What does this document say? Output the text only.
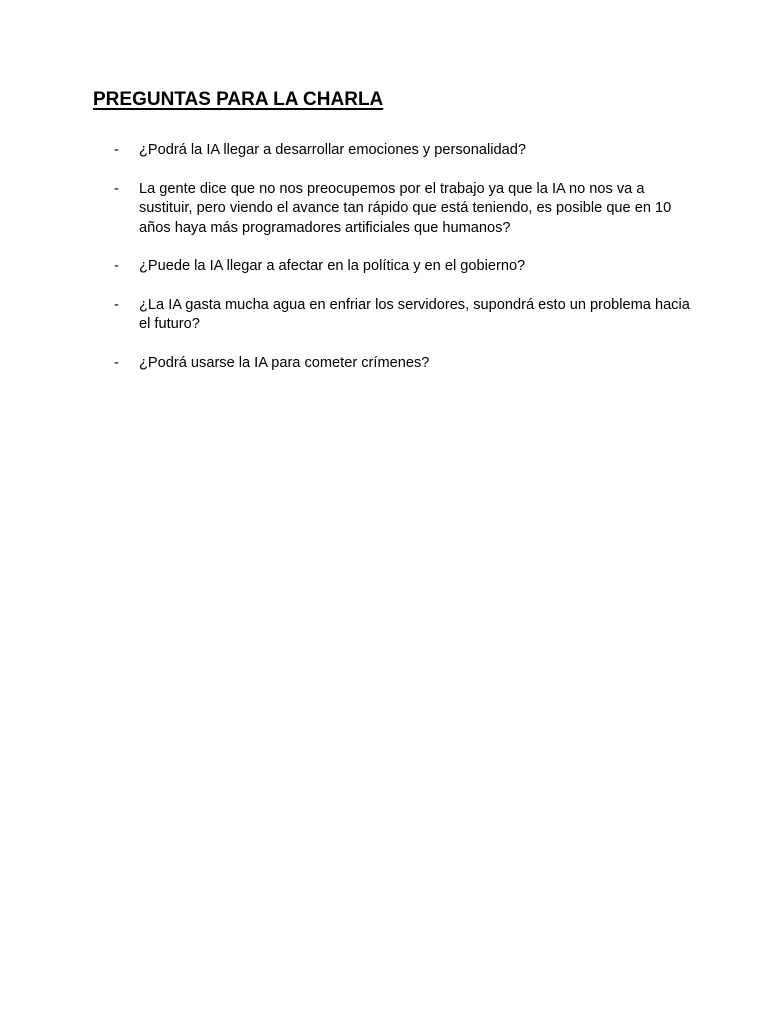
PREGUNTAS PARA LA CHARLA
- ¿Podrá la IA llegar a desarrollar emociones y personalidad?
- La gente dice que no nos preocupemos por el trabajo ya que la IA no nos va a sustituir, pero viendo el avance tan rápido que está teniendo, es posible que en 10 años haya más programadores artificiales que humanos?
- ¿Puede la IA llegar a afectar en la política y en el gobierno?
- ¿La IA gasta mucha agua en enfriar los servidores, supondrá esto un problema hacia el futuro?
- ¿Podrá usarse la IA para cometer crímenes?
